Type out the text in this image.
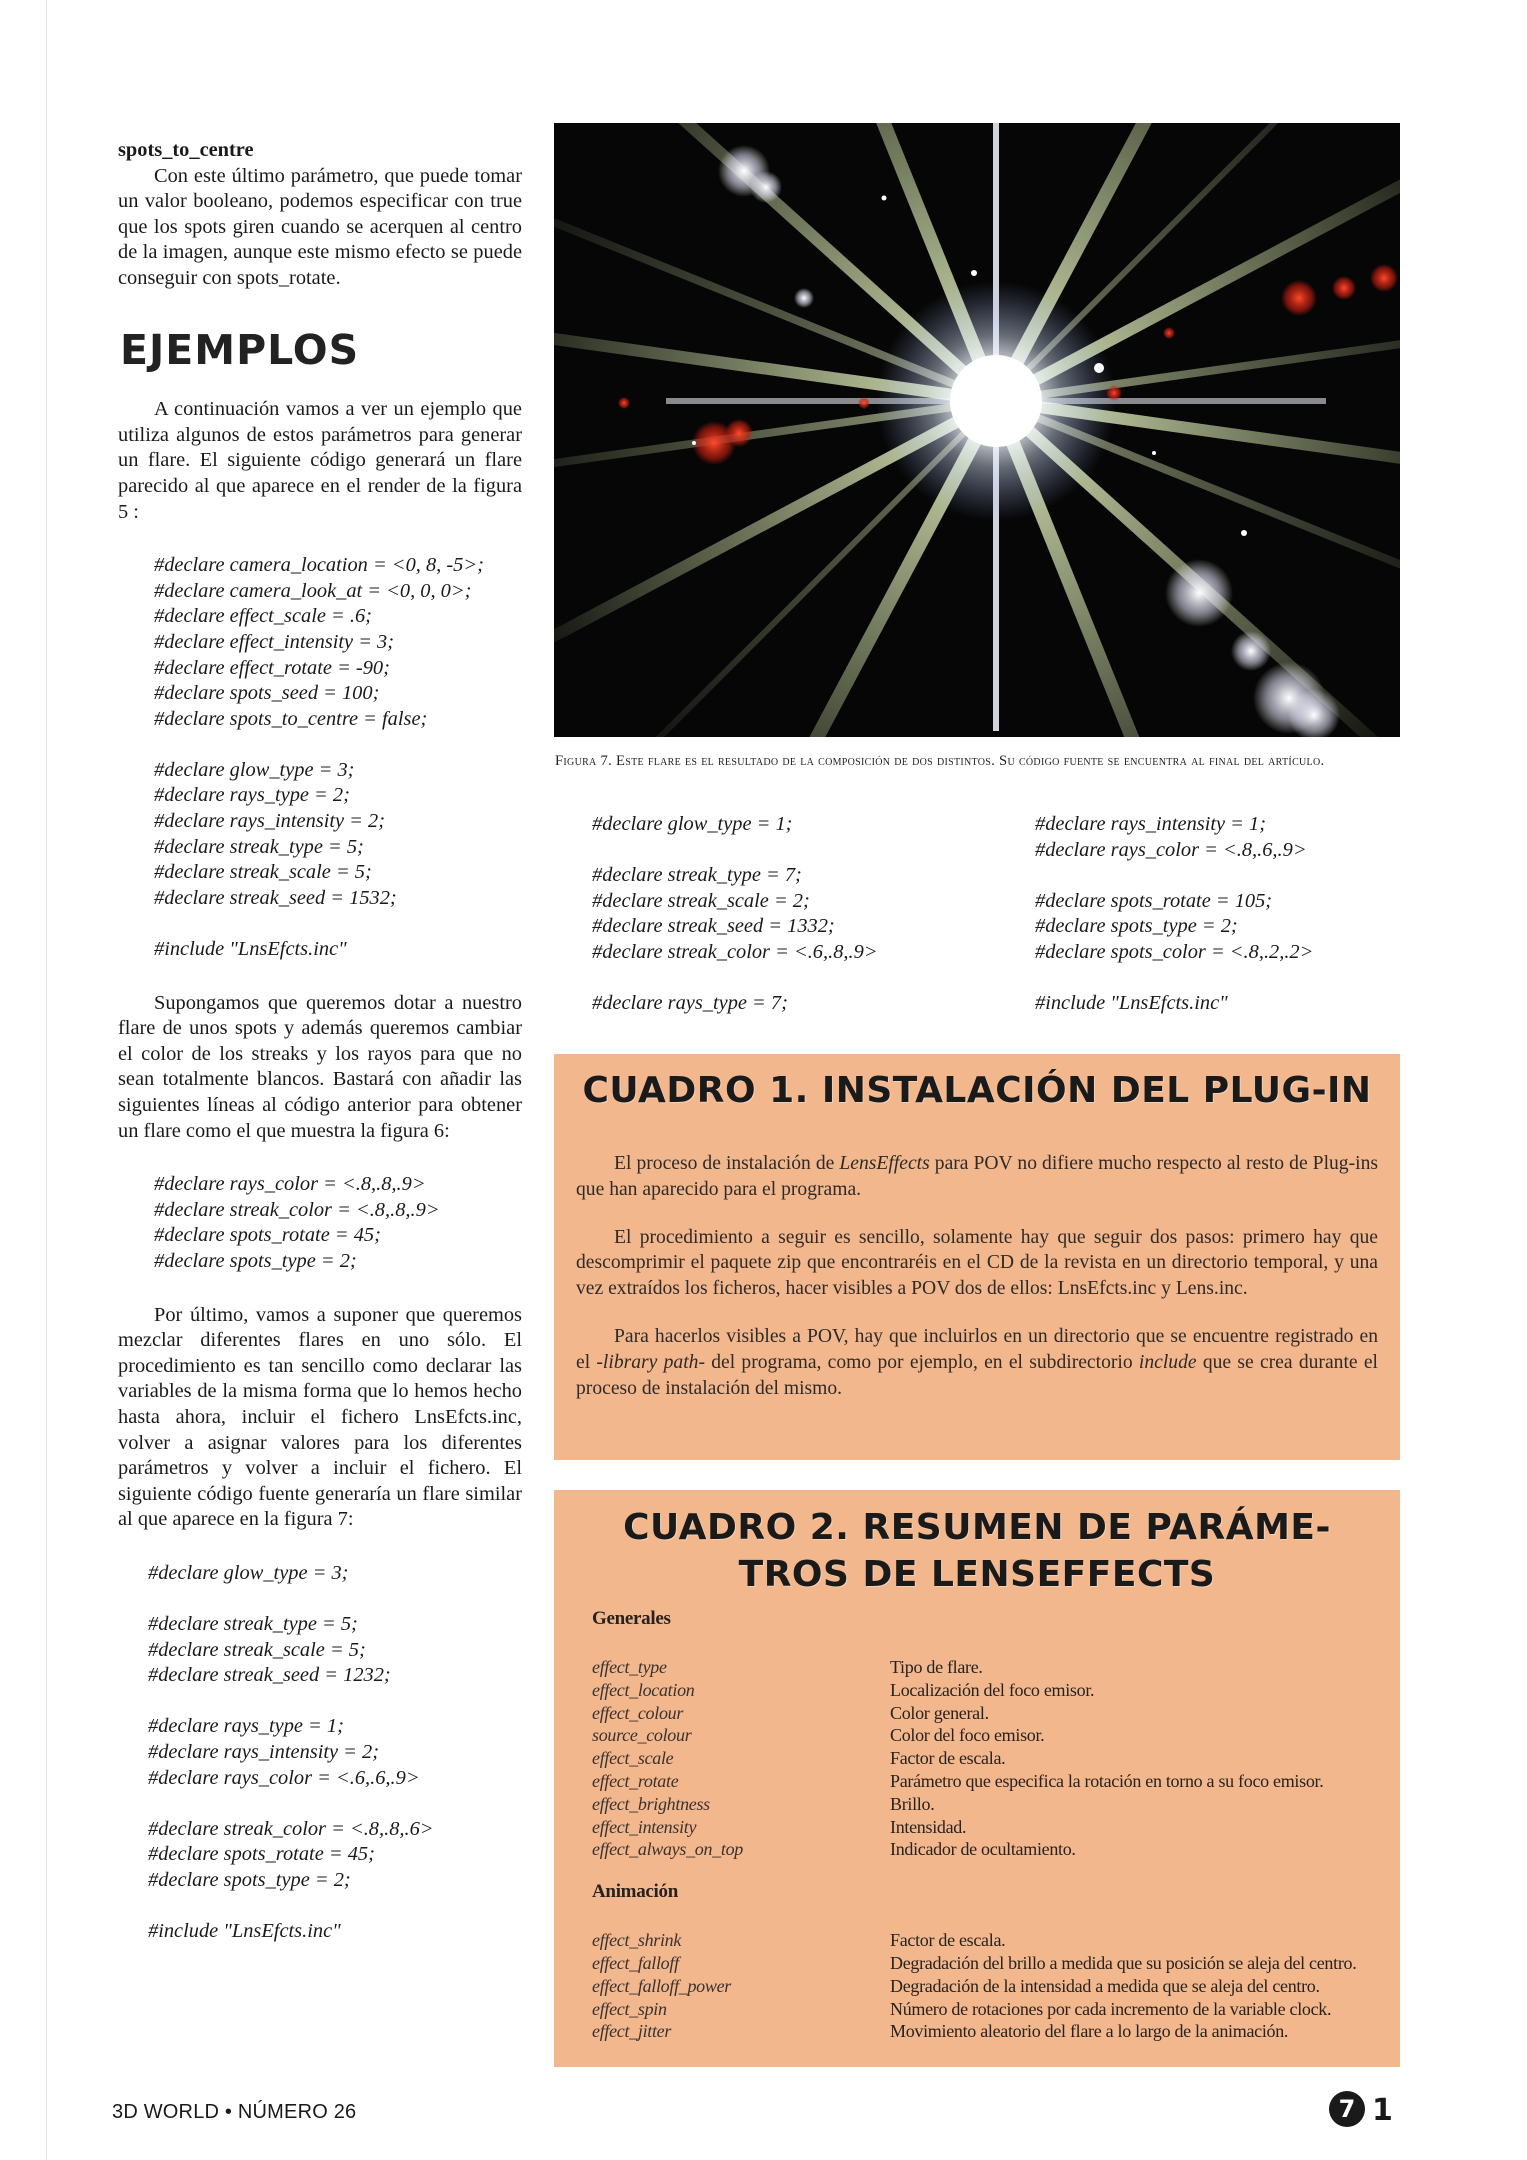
spots_to_centre

Con este último parámetro, que puede tomar un valor booleano, podemos especificar con true que los spots giren cuando se acerquen al centro de la imagen, aunque este mismo efecto se puede conseguir con spots_rotate.

EJEMPLOS

A continuación vamos a ver un ejemplo que utiliza algunos de estos parámetros para generar un flare. El siguiente código generará un flare parecido al que aparece en el render de la figura 5 :

#declare camera_location = <0, 8, -5>;
#declare camera_look_at = <0, 0, 0>;
#declare effect_scale = .6;
#declare effect_intensity = 3;
#declare effect_rotate = -90;
#declare spots_seed = 100;
#declare spots_to_centre = false;
#declare glow_type = 3;
#declare rays_type = 2;
#declare rays_intensity = 2;
#declare streak_type = 5;
#declare streak_scale = 5;
#declare streak_seed = 1532;
#include "LnsEfcts.inc"

Supongamos que queremos dotar a nuestro flare de unos spots y además queremos cambiar el color de los streaks y los rayos para que no sean totalmente blancos. Bastará con añadir las siguientes líneas al código anterior para obtener un flare como el que muestra la figura 6:

#declare rays_color = <.8,.8,.9>
#declare streak_color = <.8,.8,.9>
#declare spots_rotate = 45;
#declare spots_type = 2;

Por último, vamos a suponer que queremos mezclar diferentes flares en uno sólo. El procedimiento es tan sencillo como declarar las variables de la misma forma que lo hemos hecho hasta ahora, incluir el fichero LnsEfcts.inc, volver a asignar valores para los diferentes parámetros y volver a incluir el fichero. El siguiente código fuente generaría un flare similar al que aparece en la figura 7:

#declare glow_type = 3;
#declare streak_type = 5;
#declare streak_scale = 5;
#declare streak_seed = 1232;
#declare rays_type = 1;
#declare rays_intensity = 2;
#declare rays_color = <.6,.6,.9>
#declare streak_color = <.8,.8,.6>
#declare spots_rotate = 45;
#declare spots_type = 2;
#include "LnsEfcts.inc"
Figura 7. Este flare es el resultado de la composición de dos distintos. Su código fuente se encuentra al final del artículo.
#declare glow_type = 1;
#declare streak_type = 7;
#declare streak_scale = 2;
#declare streak_seed = 1332;
#declare streak_color = <.6,.8,.9>
#declare rays_type = 7;
#declare rays_intensity = 1;
#declare rays_color = <.8,.6,.9>
#declare spots_rotate = 105;
#declare spots_type = 2;
#declare spots_color = <.8,.2,.2>
#include "LnsEfcts.inc"
CUADRO 1. INSTALACIÓN DEL PLUG-IN

El proceso de instalación de LensEffects para POV no difiere mucho respecto al resto de Plug-ins que han aparecido para el programa.

El procedimiento a seguir es sencillo, solamente hay que seguir dos pasos: primero hay que descomprimir el paquete zip que encontraréis en el CD de la revista en un directorio temporal, y una vez extraídos los ficheros, hacer visibles a POV dos de ellos: LnsEfcts.inc y Lens.inc.

Para hacerlos visibles a POV, hay que incluirlos en un directorio que se encuentre registrado en el -library path- del programa, como por ejemplo, en el subdirectorio include que se crea durante el proceso de instalación del mismo.

CUADRO 2. RESUMEN DE PARÁME-
TROS DE LENSEFFECTS
Generales
effect_type	Tipo de flare.
effect_location	Localización del foco emisor.
effect_colour	Color general.
source_colour	Color del foco emisor.
effect_scale	Factor de escala.
effect_rotate	Parámetro que especifica la rotación en torno a su foco emisor.
effect_brightness	Brillo.
effect_intensity	Intensidad.
effect_always_on_top	Indicador de ocultamiento.
Animación
effect_shrink	Factor de escala.
effect_falloff	Degradación del brillo a medida que su posición se aleja del centro.
effect_falloff_power	Degradación de la intensidad a medida que se aleja del centro.
effect_spin	Número de rotaciones por cada incremento de la variable clock.
effect_jitter	Movimiento aleatorio del flare a lo largo de la animación.
3D WORLD • NÚMERO 26	7 1
